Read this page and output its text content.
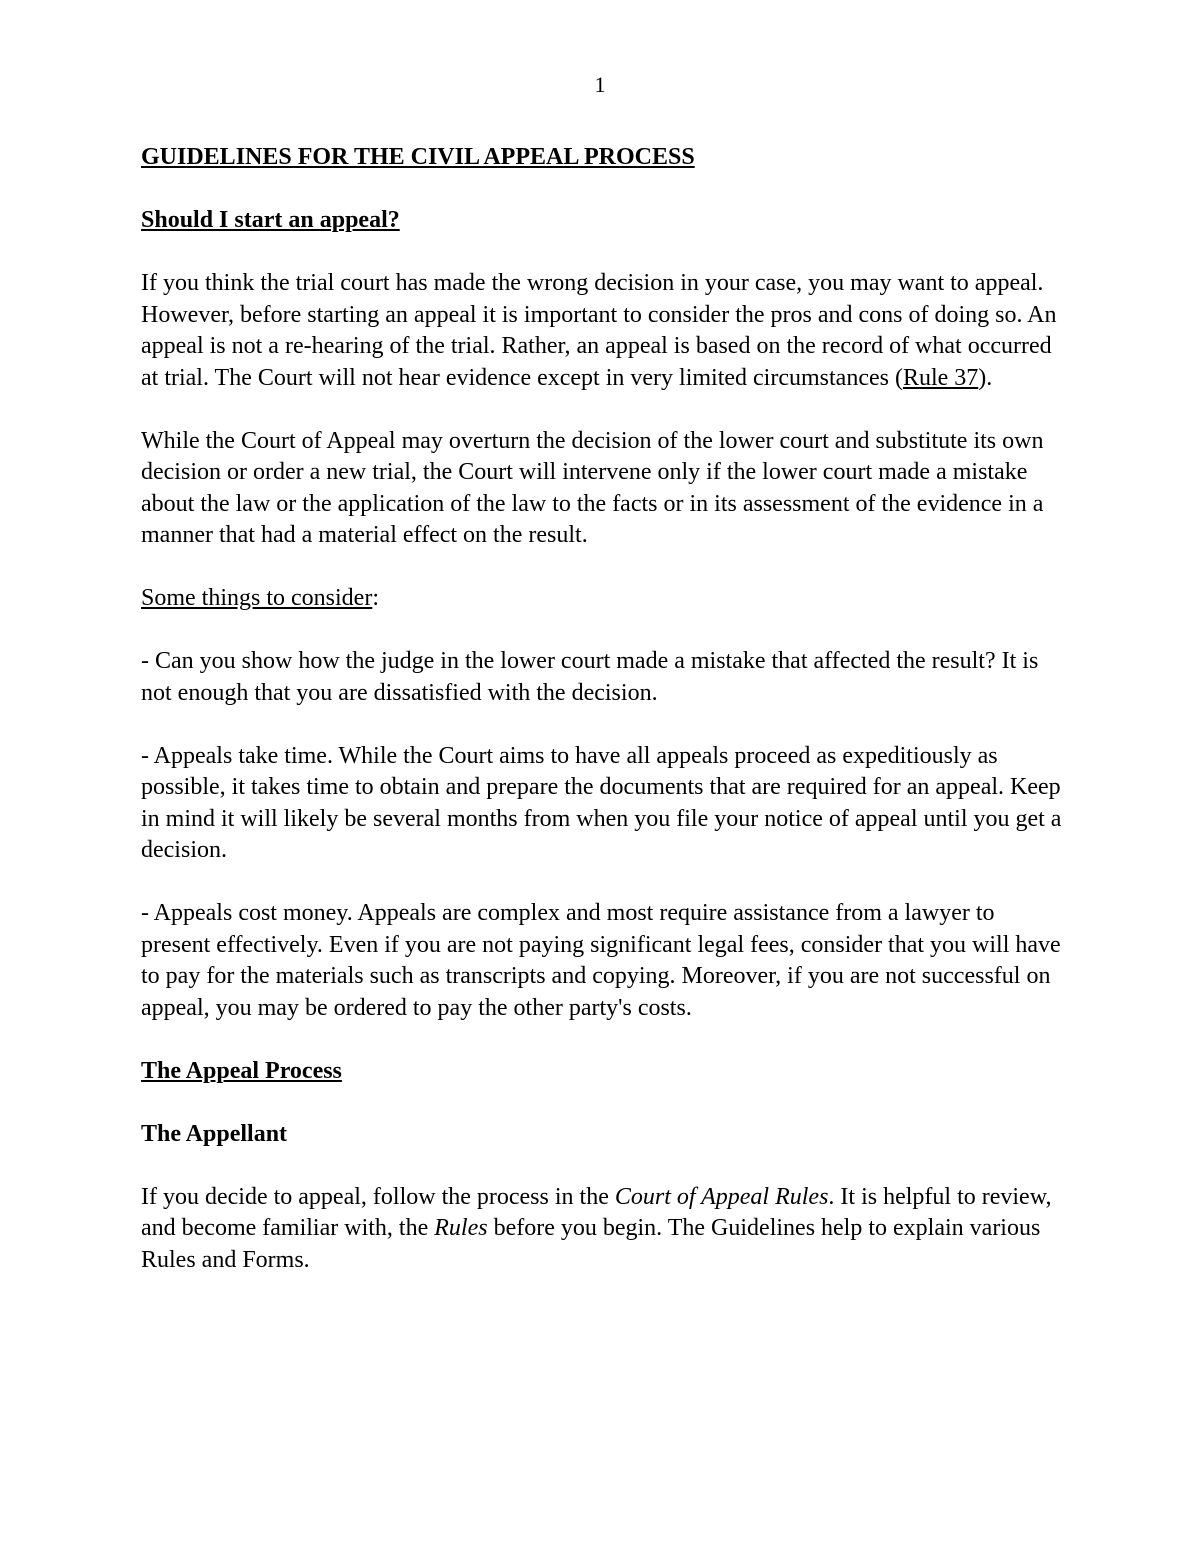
1

GUIDELINES FOR THE CIVIL APPEAL PROCESS

Should I start an appeal?

If you think the trial court has made the wrong decision in your case, you may want to appeal. However, before starting an appeal it is important to consider the pros and cons of doing so. An appeal is not a re-hearing of the trial. Rather, an appeal is based on the record of what occurred at trial. The Court will not hear evidence except in very limited circumstances (Rule 37).

While the Court of Appeal may overturn the decision of the lower court and substitute its own decision or order a new trial, the Court will intervene only if the lower court made a mistake about the law or the application of the law to the facts or in its assessment of the evidence in a manner that had a material effect on the result.

Some things to consider:

- Can you show how the judge in the lower court made a mistake that affected the result? It is not enough that you are dissatisfied with the decision.

- Appeals take time. While the Court aims to have all appeals proceed as expeditiously as possible, it takes time to obtain and prepare the documents that are required for an appeal. Keep in mind it will likely be several months from when you file your notice of appeal until you get a decision.

- Appeals cost money. Appeals are complex and most require assistance from a lawyer to present effectively. Even if you are not paying significant legal fees, consider that you will have to pay for the materials such as transcripts and copying. Moreover, if you are not successful on appeal, you may be ordered to pay the other party's costs.

The Appeal Process

The Appellant

If you decide to appeal, follow the process in the Court of Appeal Rules. It is helpful to review, and become familiar with, the Rules before you begin. The Guidelines help to explain various Rules and Forms.
